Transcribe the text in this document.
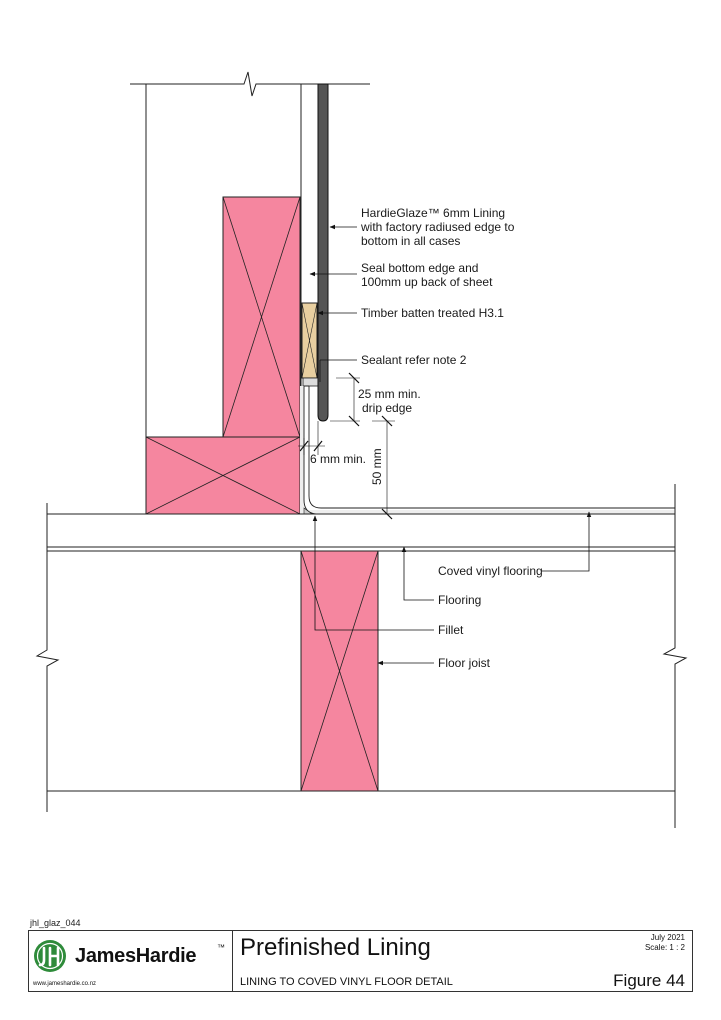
HardieGlaze™ 6mm Lining with factory radiused edge to bottom in all cases
Seal bottom edge and 100mm up back of sheet
Timber batten treated H3.1
Sealant refer note 2
25 mm min. drip edge
6 mm min. 50 mm
Coved vinyl flooring
Flooring
Fillet
Floor joist
jhl_glaz_044
JamesHardie	™
www.jameshardie.co.nz
Prefinished Lining
LINING TO COVED VINYL FLOOR DETAIL
July 2021
Scale: 1 : 2
Figure 44
